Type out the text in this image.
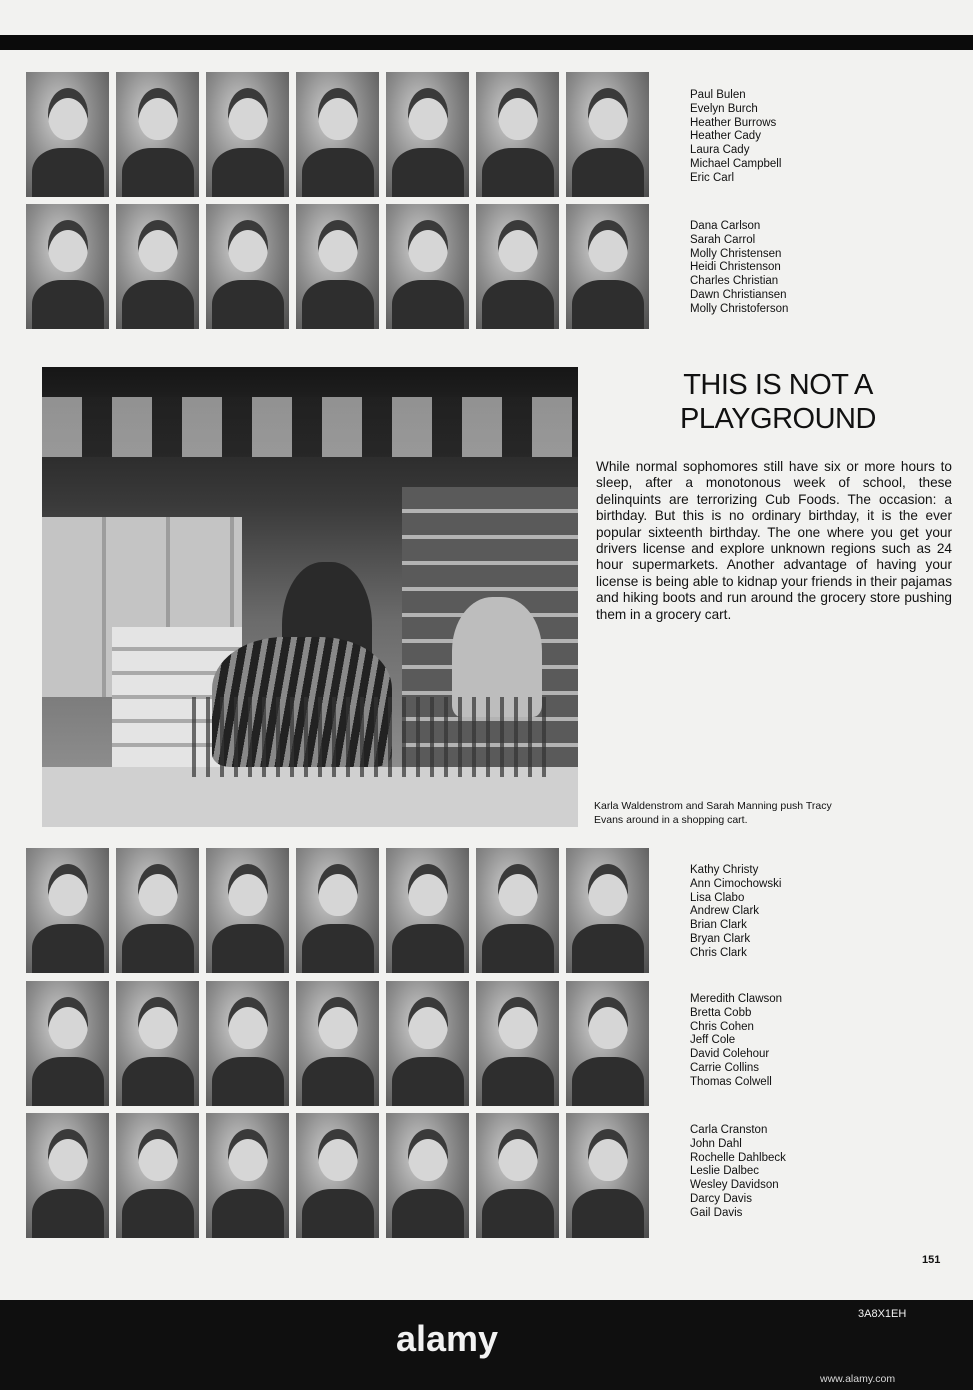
Paul Bulen
Evelyn Burch
Heather Burrows
Heather Cady
Laura Cady
Michael Campbell
Eric Carl
Dana Carlson
Sarah Carrol
Molly Christensen
Heidi Christenson
Charles Christian
Dawn Christiansen
Molly Christoferson
Kathy Christy
Ann Cimochowski
Lisa Clabo
Andrew Clark
Brian Clark
Bryan Clark
Chris Clark
Meredith Clawson
Bretta Cobb
Chris Cohen
Jeff Cole
David Colehour
Carrie Collins
Thomas Colwell
Carla Cranston
John Dahl
Rochelle Dahlbeck
Leslie Dalbec
Wesley Davidson
Darcy Davis
Gail Davis
THIS IS NOT A
PLAYGROUND
While normal sophomores still have six or more hours to sleep, after a monotonous week of school, these delinquints are terrorizing Cub Foods. The occasion: a birthday. But this is no ordinary birthday, it is the ever popular sixteenth birthday. The one where you get your drivers license and explore unknown regions such as 24 hour supermarkets. Another advantage of having your license is being able to kidnap your friends in their pajamas and hiking boots and run around the grocery store pushing them in a grocery cart.
Karla Waldenstrom and Sarah Manning push Tracy Evans around in a shopping cart.
151
alamy
3A8X1EH
www.alamy.com
